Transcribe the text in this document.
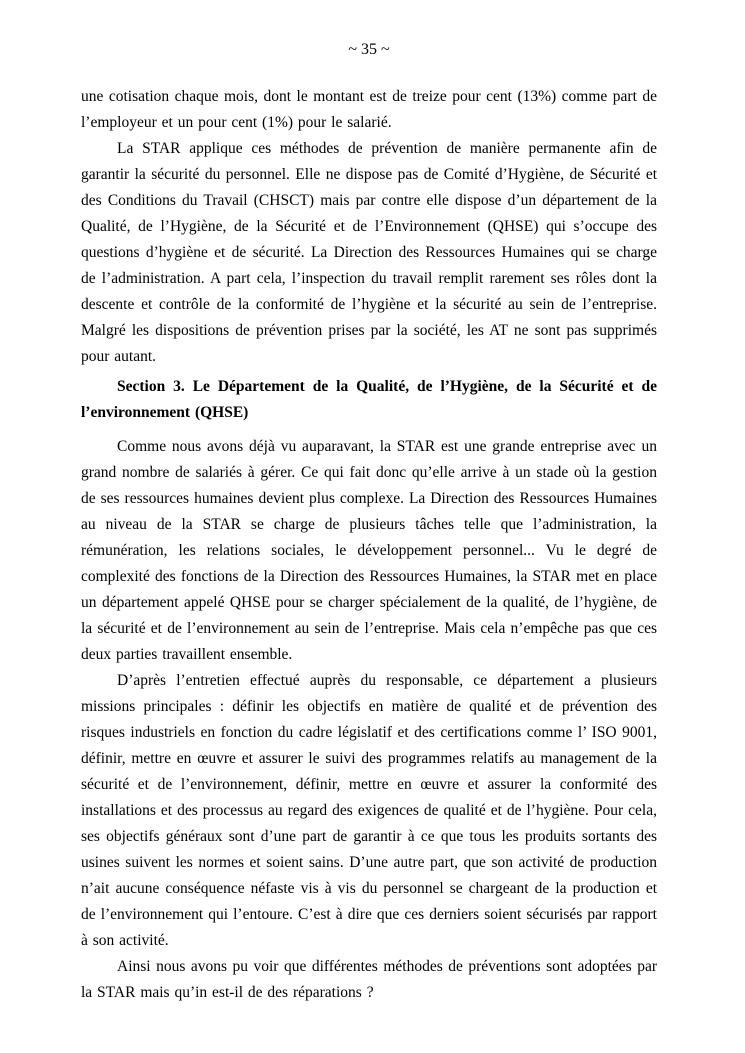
~ 35 ~

une cotisation chaque mois, dont le montant est de treize pour cent (13%) comme part de l’employeur et un pour cent (1%) pour le salarié.

La STAR applique ces méthodes de prévention de manière permanente afin de garantir la sécurité du personnel. Elle ne dispose pas de Comité d’Hygiène, de Sécurité et des Conditions du Travail (CHSCT) mais par contre elle dispose d’un département de la Qualité, de l’Hygiène, de la Sécurité et de l’Environnement (QHSE) qui s’occupe des questions d’hygiène et de sécurité. La Direction des Ressources Humaines qui se charge de l’administration. A part cela, l’inspection du travail remplit rarement ses rôles dont la descente et contrôle de la conformité de l’hygiène et la sécurité au sein de l’entreprise. Malgré les dispositions de prévention prises par la société, les AT ne sont pas supprimés pour autant.

Section 3. Le Département de la Qualité, de l’Hygiène, de la Sécurité et de l’environnement (QHSE)

Comme nous avons déjà vu auparavant, la STAR est une grande entreprise avec un grand nombre de salariés à gérer. Ce qui fait donc qu’elle arrive à un stade où la gestion de ses ressources humaines devient plus complexe. La Direction des Ressources Humaines au niveau de la STAR se charge de plusieurs tâches telle que l’administration, la rémunération, les relations sociales, le développement personnel... Vu le degré de complexité des fonctions de la Direction des Ressources Humaines, la STAR met en place un département appelé QHSE pour se charger spécialement de la qualité, de l’hygiène, de la sécurité et de l’environnement au sein de l’entreprise. Mais cela n’empêche pas que ces deux parties travaillent ensemble.

D’après l’entretien effectué auprès du responsable, ce département a plusieurs missions principales : définir les objectifs en matière de qualité et de prévention des risques industriels en fonction du cadre législatif et des certifications comme l’ ISO 9001, définir, mettre en œuvre et assurer le suivi des programmes relatifs au management de la sécurité et de l’environnement, définir, mettre en œuvre et assurer la conformité des installations et des processus au regard des exigences de qualité et de l’hygiène. Pour cela, ses objectifs généraux sont d’une part de garantir à ce que tous les produits sortants des usines suivent les normes et soient sains. D’une autre part, que son activité de production n’ait aucune conséquence néfaste vis à vis du personnel se chargeant de la production et de l’environnement qui l’entoure. C’est à dire que ces derniers soient sécurisés par rapport à son activité.

Ainsi nous avons pu voir que différentes méthodes de préventions sont adoptées par la STAR mais qu’in est-il de des réparations ?
